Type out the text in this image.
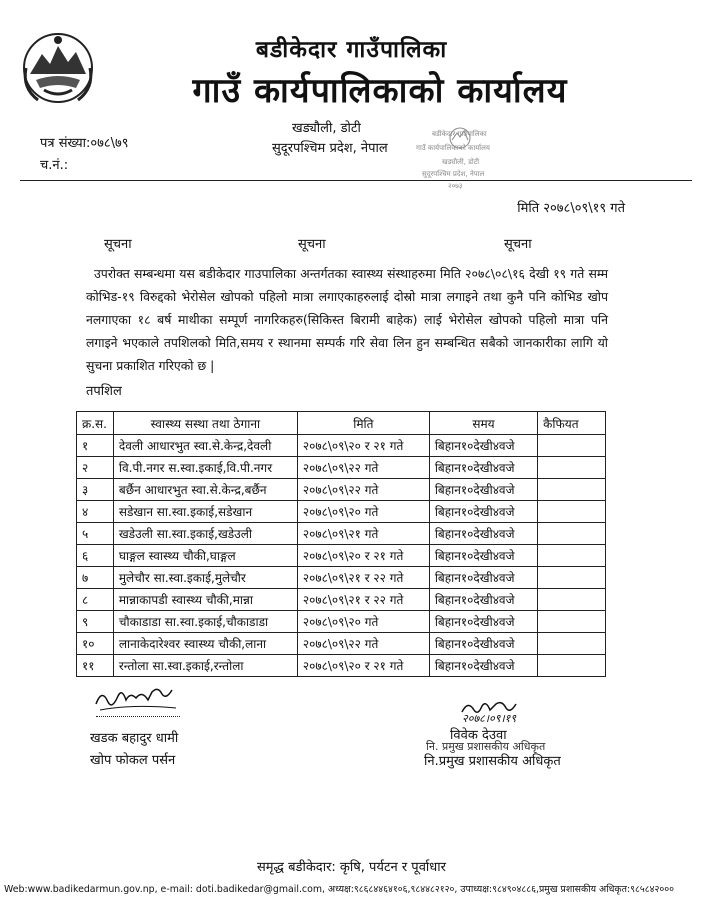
बडीकेदार गाउँपालिका
गाउँ कार्यपालिकाको कार्यालय
खड्यौली, डोटी
सुदूरपश्चिम प्रदेश, नेपाल
पत्र संख्या:०७८\७९
च.नं.:
बडीकेदार गाउँपालिका
गाउँ कार्यपालिकाको कार्यालय
खड्यौली, डोटी
सुदूरपश्चिम प्रदेश, नेपाल
२०७३
मिति २०७८\०९\१९ गते
सूचना	सूचना	सूचना
उपरोक्त सम्बन्धमा यस बडीकेदार गाउपालिका अन्तर्गतका स्वास्थ्य संस्थाहरुमा मिति २०७८\०८\१६ देखी १९ गते सम्म कोभिड-१९ विरुद्दको भेरोसेल खोपको पहिलो मात्रा लगाएकाहरुलाई दोस्रो मात्रा लगाइने तथा कुनै पनि कोभिड खोप नलगाएका १८ बर्ष माथीका सम्पूर्ण नागरिकहरु(सिकिस्त बिरामी बाहेक) लाई भेरोसेल खोपको पहिलो मात्रा पनि लगाइने भएकाले तपशिलको मिति,समय र स्थानमा सम्पर्क गरि सेवा लिन हुन सम्बन्धित सबैको जानकारीका लागि यो सुचना प्रकाशित गरिएको छ |
तपशिल
क्र.स.	स्वास्थ्य सस्था तथा ठेगाना	मिति	समय	कैफियत
१	देवली आधारभुत स्वा.से.केन्द्र,देवली	२०७८\०९\२० र २१ गते	बिहान१०देखी४वजे	
२	वि.पी.नगर स.स्वा.इकाई,वि.पी.नगर	२०७८\०९\२२ गते	बिहान१०देखी४वजे	
३	बर्छैन आधारभुत स्वा.से.केन्द्र,बर्छैन	२०७८\०९\२२ गते	बिहान१०देखी४वजे	
४	सडेखान सा.स्वा.इकाई,सडेखान	२०७८\०९\२० गते	बिहान१०देखी४वजे	
५	खडेउली सा.स्वा.इकाई,खडेउली	२०७८\०९\२१ गते	बिहान१०देखी४वजे	
६	घाङ्गल स्वास्थ्य चौकी,घाङ्गल	२०७८\०९\२० र २१ गते	बिहान१०देखी४वजे	
७	मुलेचौर सा.स्वा.इकाई,मुलेचौर	२०७८\०९\२१ र २२ गते	बिहान१०देखी४वजे	
८	मान्नाकापडी स्वास्थ्य चौकी,मान्ना	२०७८\०९\२१ र २२ गते	बिहान१०देखी४वजे	
९	चौकाडाडा सा.स्वा.इकाई,चौकाडाडा	२०७८\०९\२० गते	बिहान१०देखी४वजे	
१०	लानाकेदारेश्वर स्वास्थ्य चौकी,लाना	२०७८\०९\२२ गते	बिहान१०देखी४वजे	
११	रन्तोला सा.स्वा.इकाई,रन्तोला	२०७८\०९\२० र २१ गते	बिहान१०देखी४वजे	
खडक बहादुर धामी
खोप फोकल पर्सन
२०७८।०९।१९
विवेक देउवा
नि. प्रमुख प्रशासकीय अधिकृत
नि.प्रमुख प्रशासकीय अधिकृत
समृद्ध बडीकेदार: कृषि, पर्यटन र पूर्वाधार
Web:www.badikedarmun.gov.np, e-mail: doti.badikedar@gmail.com, अध्यक्ष:९८६८४४६४१०६,९८४४८२१२०, उपाध्यक्ष:९८४९०४८८६,प्रमुख प्रशासकीय अधिकृत:९८५८४२०००
